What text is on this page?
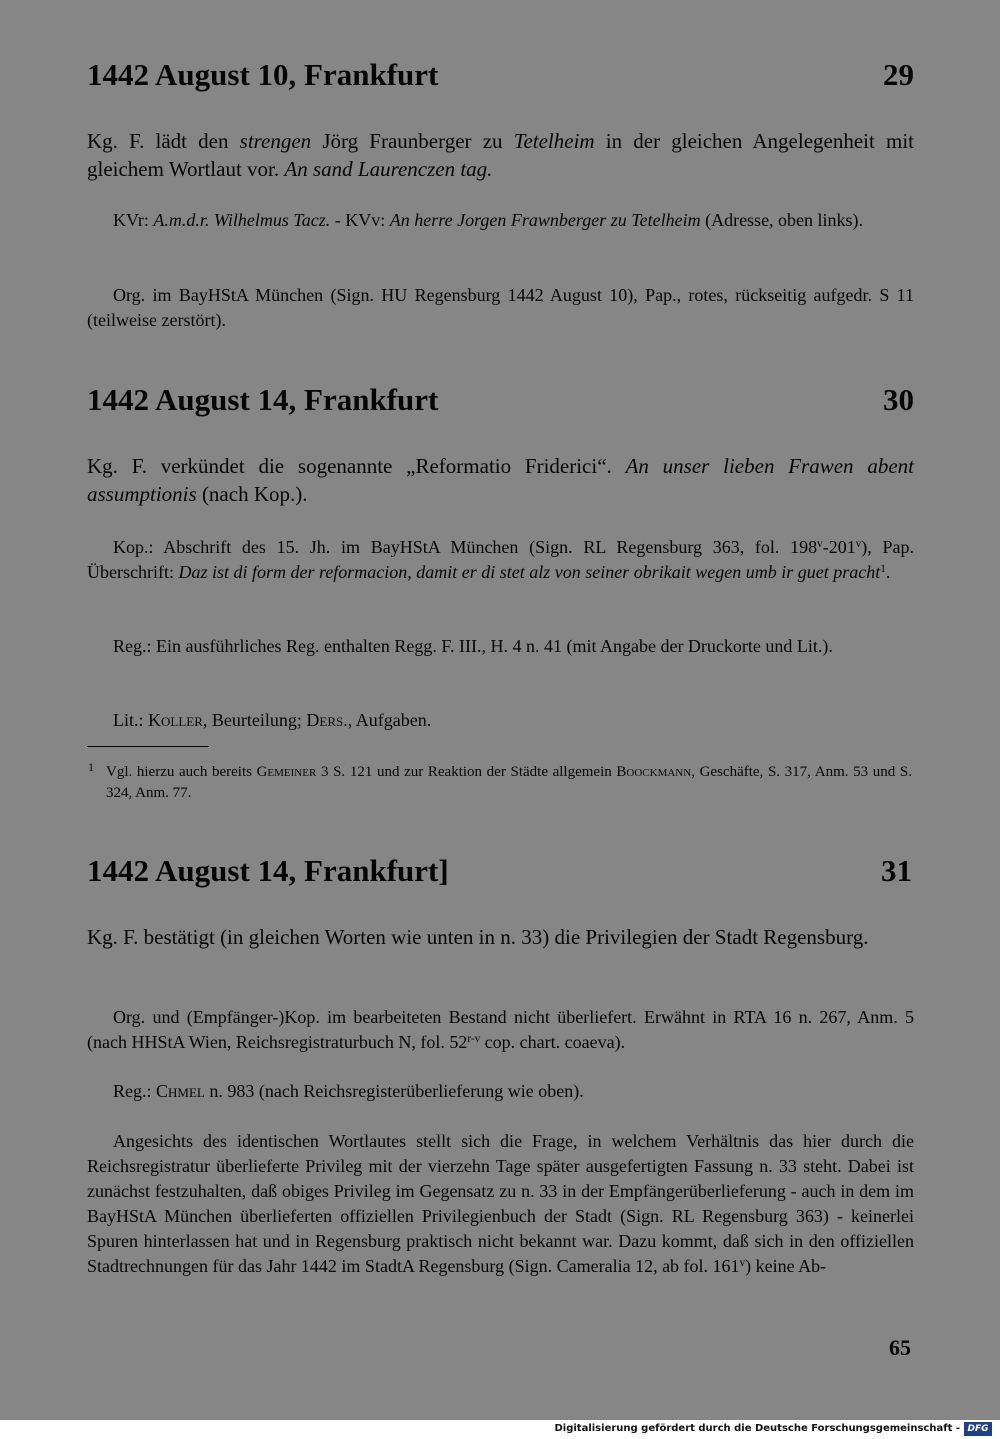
1442 August 10, Frankfurt	29

Kg. F. lädt den strengen Jörg Fraunberger zu Tetelheim in der gleichen Angelegenheit mit gleichem Wortlaut vor. An sand Laurenczen tag.

KVr: A.m.d.r. Wilhelmus Tacz. - KVv: An herre Jorgen Frawnberger zu Tetelheim (Adresse, oben links).

Org. im BayHStA München (Sign. HU Regensburg 1442 August 10), Pap., rotes, rückseitig aufgedr. S 11 (teilweise zerstört).

1442 August 14, Frankfurt	30

Kg. F. verkündet die sogenannte „Reformatio Friderici“. An unser lieben Frawen abent assumptionis (nach Kop.).

Kop.: Abschrift des 15. Jh. im BayHStA München (Sign. RL Regensburg 363, fol. 198$^v$-201$^v$), Pap. Überschrift: Daz ist di form der reformacion, damit er di stet alz von seiner obrikait wegen umb ir guet pracht$^1$.

Reg.: Ein ausführliches Reg. enthalten Regg. F. III., H. 4 n. 41 (mit Angabe der Druckorte und Lit.).

Lit.: Koller, Beurteilung; Ders., Aufgaben.

1 Vgl. hierzu auch bereits Gemeiner 3 S. 121 und zur Reaktion der Städte allgemein Boockmann, Geschäfte, S. 317, Anm. 53 und S. 324, Anm. 77.

1442 August 14, Frankfurt]	31

Kg. F. bestätigt (in gleichen Worten wie unten in n. 33) die Privilegien der Stadt Regensburg.

Org. und (Empfänger-)Kop. im bearbeiteten Bestand nicht überliefert. Erwähnt in RTA 16 n. 267, Anm. 5 (nach HHStA Wien, Reichsregistraturbuch N, fol. 52$^{r-v}$ cop. chart. coaeva).

Reg.: Chmel n. 983 (nach Reichsregisterüberlieferung wie oben).

Angesichts des identischen Wortlautes stellt sich die Frage, in welchem Verhältnis das hier durch die Reichsregistratur überlieferte Privileg mit der vierzehn Tage später ausgefertigten Fassung n. 33 steht. Dabei ist zunächst festzuhalten, daß obiges Privileg im Gegensatz zu n. 33 in der Empfängerüberlieferung - auch in dem im BayHStA München überlieferten offiziellen Privilegienbuch der Stadt (Sign. RL Regensburg 363) - keinerlei Spuren hinterlassen hat und in Regensburg praktisch nicht bekannt war. Dazu kommt, daß sich in den offiziellen Stadtrechnungen für das Jahr 1442 im StadtA Regensburg (Sign. Cameralia 12, ab fol. 161$^v$) keine Ab-

65
Digitalisierung gefördert durch die Deutsche Forschungsgemeinschaft - DFG
